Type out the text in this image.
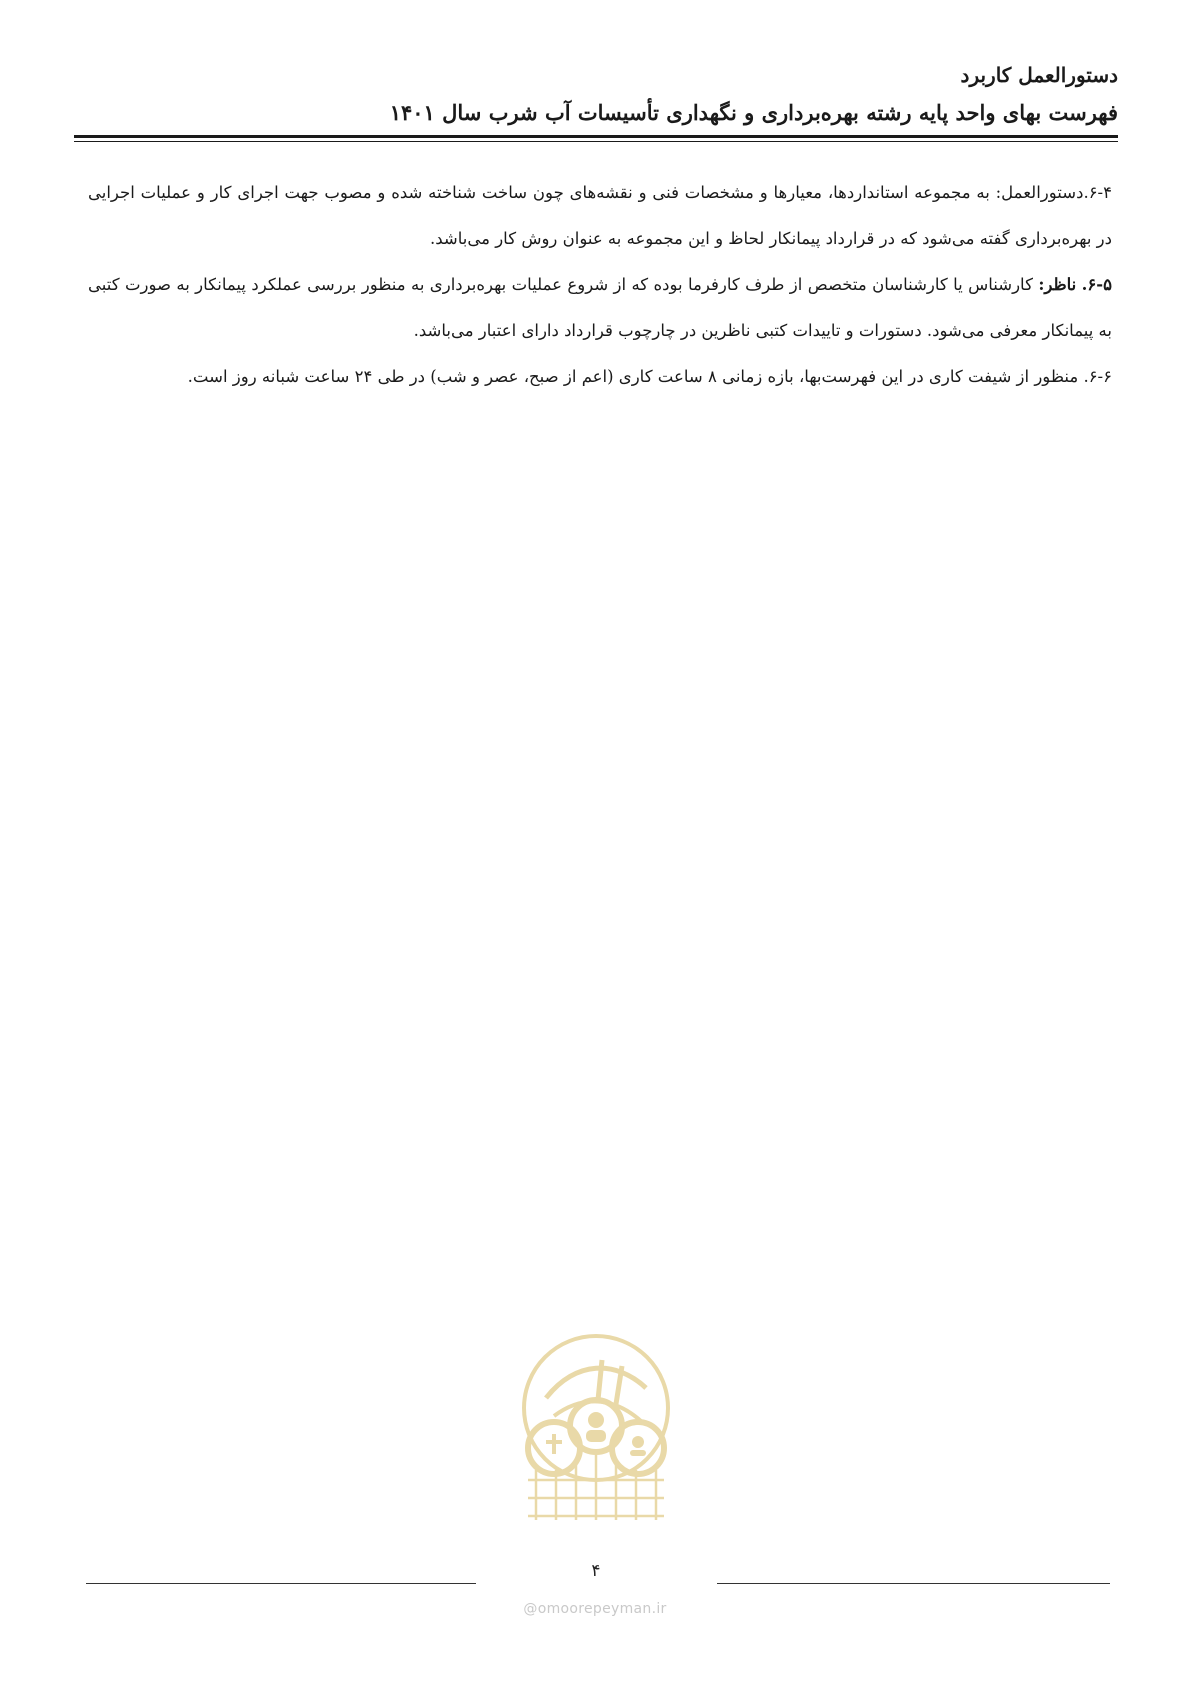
دستورالعمل کاربرد
فهرست بهای واحد پایه رشته بهره‌برداری و نگهداری تأسیسات آب شرب سال ۱۴۰۱

۶-۴.دستورالعمل: به مجموعه استانداردها، معیارها و مشخصات فنی و نقشه‌های چون ساخت شناخته شده و مصوب جهت اجرای کار و عملیات اجرایی در بهره‌برداری گفته می‌شود که در قرارداد پیمانکار لحاظ و این مجموعه به عنوان روش کار می‌باشد.

۶-۵. ناظر: کارشناس یا کارشناسان متخصص از طرف کارفرما بوده که از شروع عملیات بهره‌برداری به منظور بررسی عملکرد پیمانکار به صورت کتبی به پیمانکار معرفی می‌شود. دستورات و تاییدات کتبی ناظرین در چارچوب قرارداد دارای اعتبار می‌باشد.

۶-۶. منظور از شیفت کاری در این فهرست‌بها، بازه زمانی ۸ ساعت کاری (اعم از صبح، عصر و شب) در طی ۲۴ ساعت شبانه روز است.

۴
@omoorepeyman.ir
